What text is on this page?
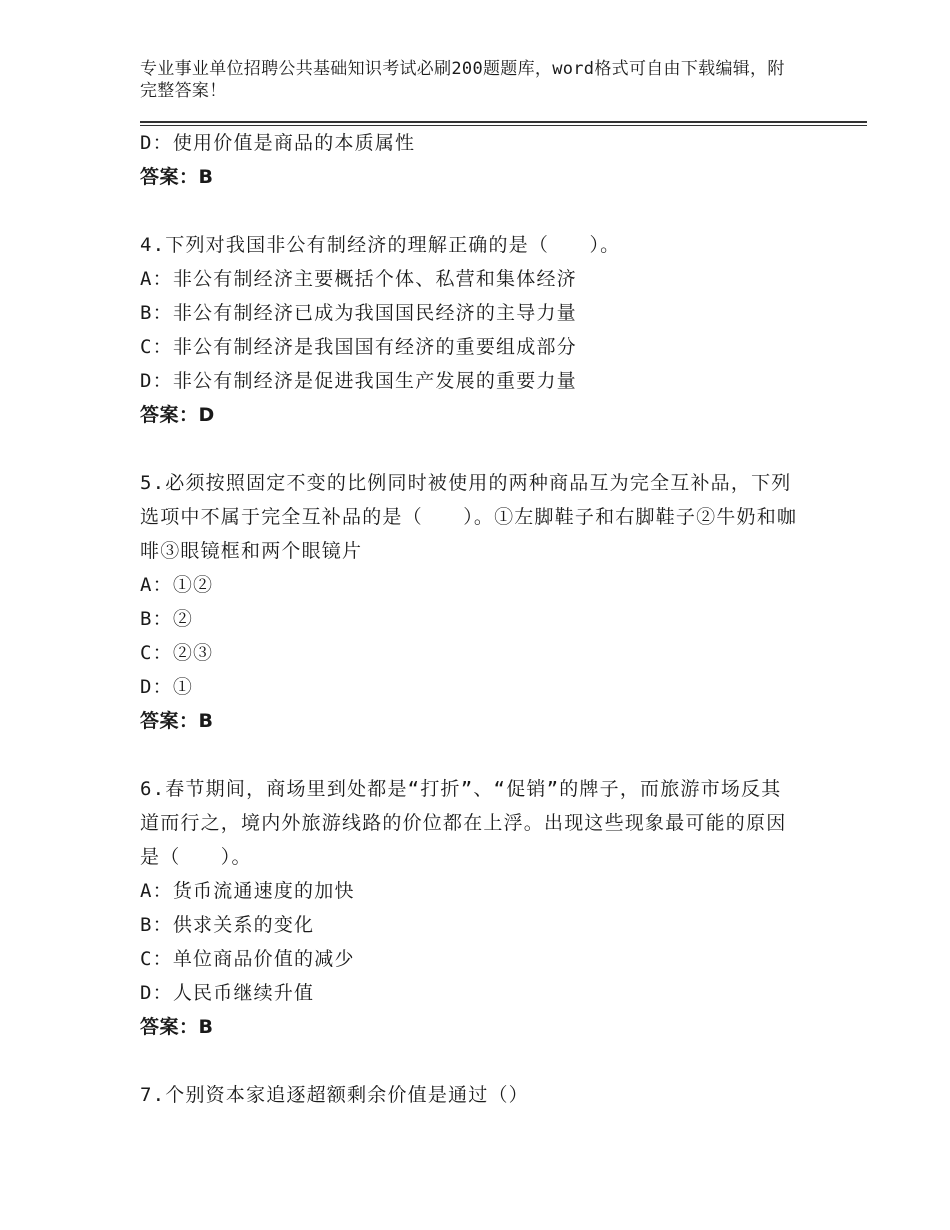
专业事业单位招聘公共基础知识考试必刷200题题库，word格式可自由下载编辑，附完整答案！
D：使用价值是商品的本质属性
答案：B
4.下列对我国非公有制经济的理解正确的是（　　）。
A：非公有制经济主要概括个体、私营和集体经济
B：非公有制经济已成为我国国民经济的主导力量
C：非公有制经济是我国国有经济的重要组成部分
D：非公有制经济是促进我国生产发展的重要力量
答案：D
5.必须按照固定不变的比例同时被使用的两种商品互为完全互补品，下列选项中不属于完全互补品的是（　　）。①左脚鞋子和右脚鞋子②牛奶和咖啡③眼镜框和两个眼镜片
A：①②
B：②
C：②③
D：①
答案：B
6.春节期间，商场里到处都是“打折”、“促销”的牌子，而旅游市场反其道而行之，境内外旅游线路的价位都在上浮。出现这些现象最可能的原因是（　　）。
A：货币流通速度的加快
B：供求关系的变化
C：单位商品价值的减少
D：人民币继续升值
答案：B
7.个别资本家追逐超额剩余价值是通过（）
